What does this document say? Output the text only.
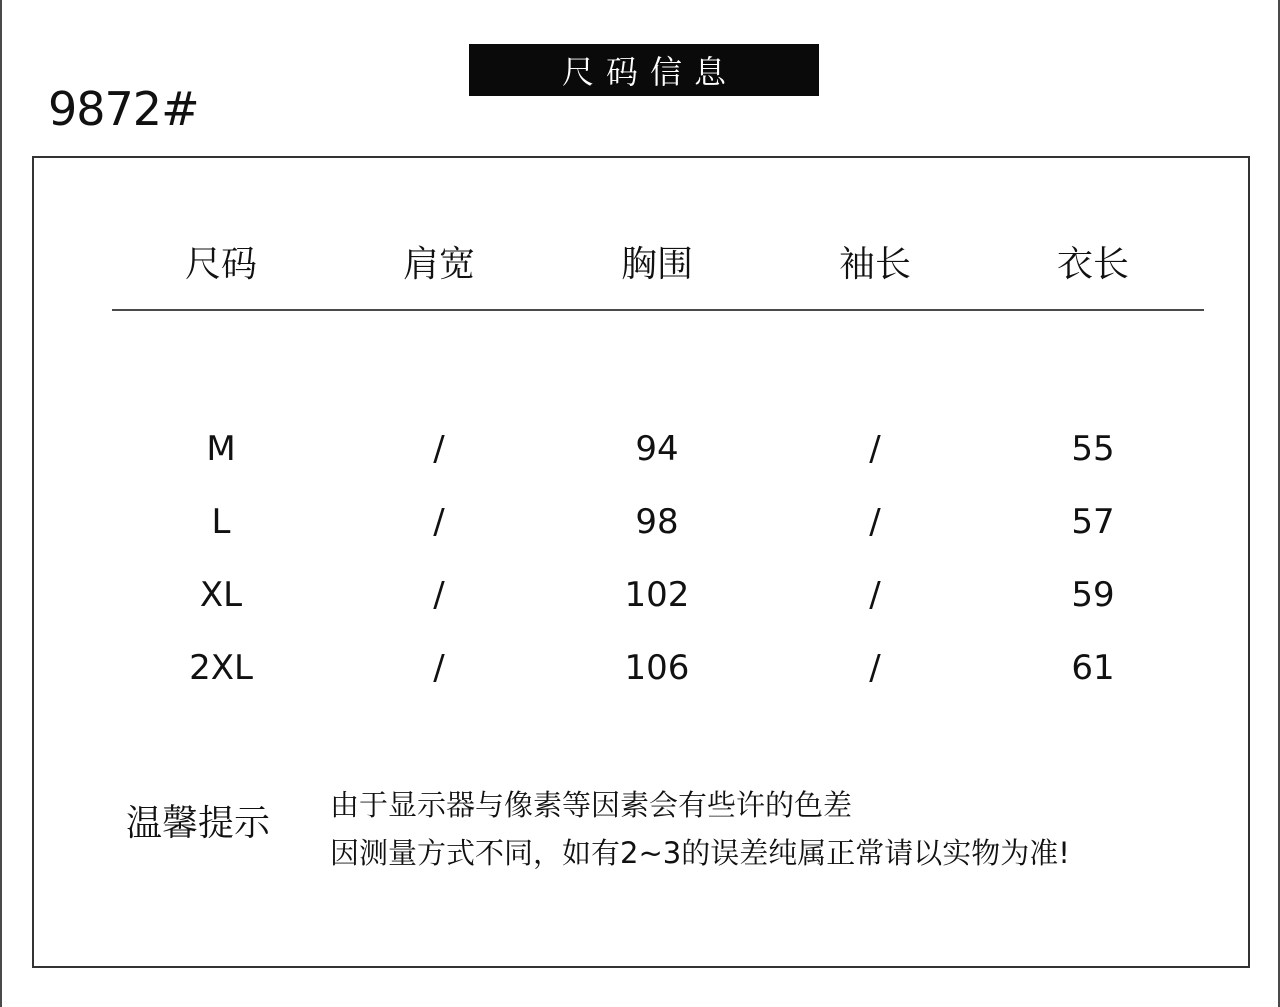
尺码信息
9872#
尺码	肩宽	胸围	袖长	衣长
M	/	94	/	55
L	/	98	/	57
XL	/	102	/	59
2XL	/	106	/	61
温馨提示 由于显示器与像素等因素会有些许的色差
因测量方式不同，如有2~3的误差纯属正常请以实物为准!
